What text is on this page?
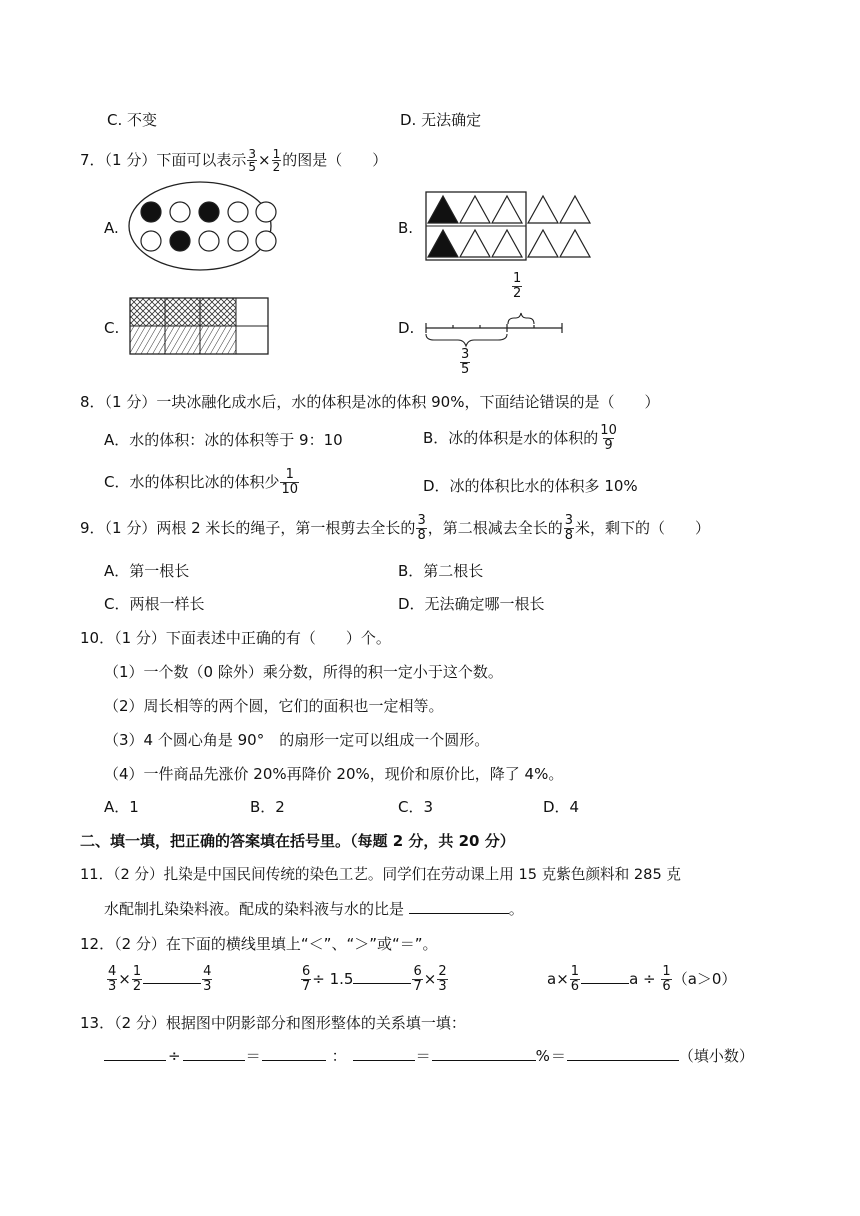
C. 不变	D. 无法确定
7．（1 分）下面可以表示 $\frac{3}{5} \times \frac{1}{2}$ 的图是（　　）
A.	B.
C.	D.
$\frac{1}{2}$
$\frac{3}{5}$
8．（1 分）一块冰融化成水后，水的体积是冰的体积 90%，下面结论错误的是（　　）
A．水的体积：冰的体积等于 9：10	B．冰的体积是水的体积的 $\frac{10}{9}$
C．水的体积比冰的体积少 $\frac{1}{10}$	D．冰的体积比水的体积多 10%
9．（1 分）两根 2 米长的绳子，第一根剪去全长的 $\frac{3}{8}$ ，第二根减去全长的 $\frac{3}{8}$ 米，剩下的（　　）
A．第一根长	B．第二根长
C．两根一样长	D．无法确定哪一根长
10．（1 分）下面表述中正确的有（　　）个。
（1）一个数（0 除外）乘分数，所得的积一定小于这个数。
（2）周长相等的两个圆，它们的面积也一定相等。
（3）4 个圆心角是 90°　的扇形一定可以组成一个圆形。
（4）一件商品先涨价 20%再降价 20%，现价和原价比，降了 4%。
A．1	B．2	C．3	D．4
二、填一填，把正确的答案填在括号里。（每题 2 分，共 20 分）
11．（2 分）扎染是中国民间传统的染色工艺。同学们在劳动课上用 15 克紫色颜料和 285 克
水配制扎染染料液。配成的染料液与水的比是	。
12．（2 分）在下面的横线里填上“＜”、“＞”或“＝”。
$\frac{4}{3} \times \frac{1}{2}$	$\frac{4}{3}$	$\frac{6}{7} \div 1.5$	$\frac{6}{7} \times \frac{2}{3}$	$a\times \frac{1}{6}$	$a \div \frac{1}{6} (a>0)$
13．（2 分）根据图中阴影部分和图形整体的关系填一填：
÷	＝	：	＝	%＝	（填小数）
